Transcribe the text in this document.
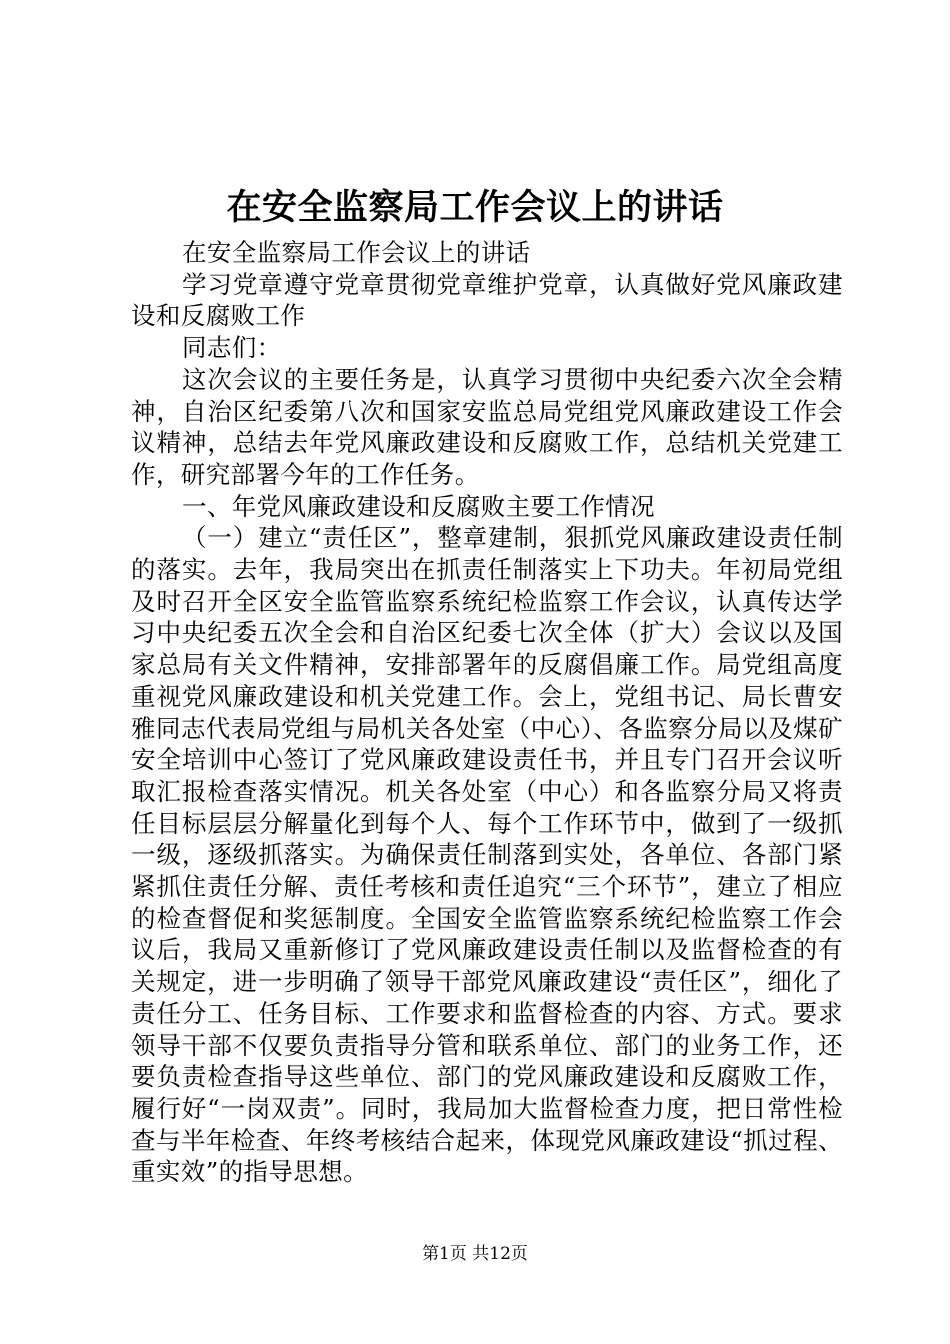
在安全监察局工作会议上的讲话

在安全监察局工作会议上的讲话

学习党章遵守党章贯彻党章维护党章，认真做好党风廉政建设和反腐败工作

同志们：

这次会议的主要任务是，认真学习贯彻中央纪委六次全会精神，自治区纪委第八次和国家安监总局党组党风廉政建设工作会议精神，总结去年党风廉政建设和反腐败工作，总结机关党建工作，研究部署今年的工作任务。

一、年党风廉政建设和反腐败主要工作情况

（一）建立“责任区”，整章建制，狠抓党风廉政建设责任制的落实。去年，我局突出在抓责任制落实上下功夫。年初局党组及时召开全区安全监管监察系统纪检监察工作会议，认真传达学习中央纪委五次全会和自治区纪委七次全体（扩大）会议以及国家总局有关文件精神，安排部署年的反腐倡廉工作。局党组高度重视党风廉政建设和机关党建工作。会上，党组书记、局长曹安雅同志代表局党组与局机关各处室（中心）、各监察分局以及煤矿安全培训中心签订了党风廉政建设责任书，并且专门召开会议听取汇报检查落实情况。机关各处室（中心）和各监察分局又将责任目标层层分解量化到每个人、每个工作环节中，做到了一级抓一级，逐级抓落实。为确保责任制落到实处，各单位、各部门紧紧抓住责任分解、责任考核和责任追究“三个环节”，建立了相应的检查督促和奖惩制度。全国安全监管监察系统纪检监察工作会议后，我局又重新修订了党风廉政建设责任制以及监督检查的有关规定，进一步明确了领导干部党风廉政建设“责任区”，细化了责任分工、任务目标、工作要求和监督检查的内容、方式。要求领导干部不仅要负责指导分管和联系单位、部门的业务工作，还要负责检查指导这些单位、部门的党风廉政建设和反腐败工作，履行好“一岗双责”。同时，我局加大监督检查力度，把日常性检查与半年检查、年终考核结合起来，体现党风廉政建设“抓过程、重实效”的指导思想。

第1页 共12页
